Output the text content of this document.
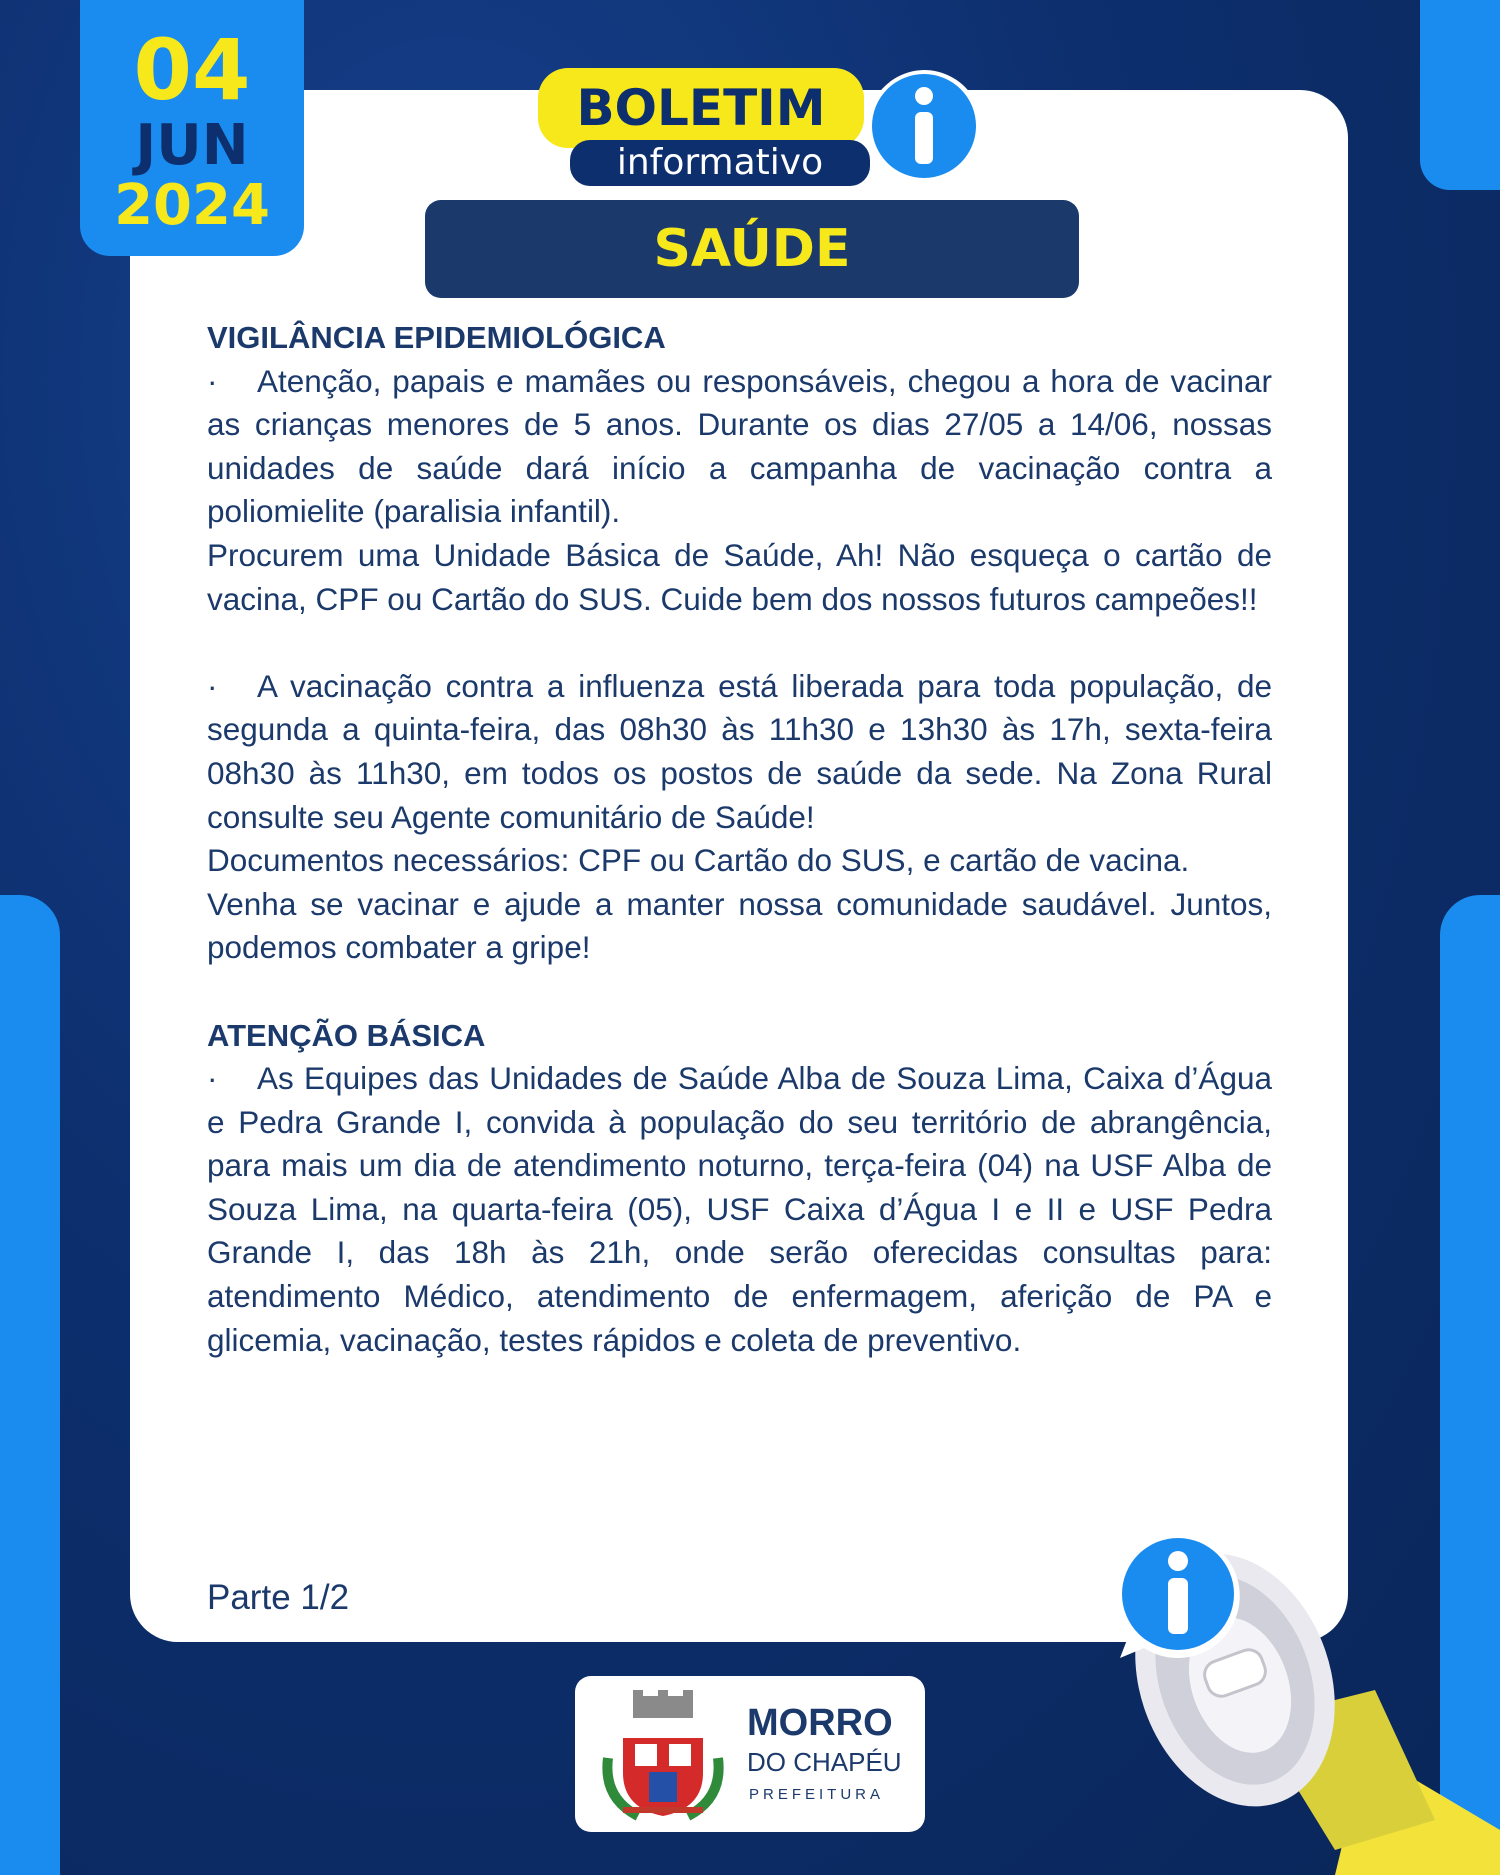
04
JUN
2024
BOLETIM
informativo
SAÚDE

VIGILÂNCIA EPIDEMIOLÓGICA

· Atenção, papais e mamães ou responsáveis, chegou a hora de vacinar as crianças menores de 5 anos. Durante os dias 27/05 a 14/06, nossas unidades de saúde dará início a campanha de vacinação contra a poliomielite (paralisia infantil).

Procurem uma Unidade Básica de Saúde, Ah! Não esqueça o cartão de vacina, CPF ou Cartão do SUS. Cuide bem dos nossos futuros campeões!!

· A vacinação contra a influenza está liberada para toda população, de segunda a quinta-feira, das 08h30 às 11h30 e 13h30 às 17h, sexta-feira 08h30 às 11h30, em todos os postos de saúde da sede. Na Zona Rural consulte seu Agente comunitário de Saúde!

Documentos necessários: CPF ou Cartão do SUS, e cartão de vacina.

Venha se vacinar e ajude a manter nossa comunidade saudável. Juntos, podemos combater a gripe!

ATENÇÃO BÁSICA

· As Equipes das Unidades de Saúde Alba de Souza Lima, Caixa d’Água e Pedra Grande I, convida à população do seu território de abrangência, para mais um dia de atendimento noturno, terça-feira (04) na USF Alba de Souza Lima, na quarta-feira (05), USF Caixa d’Água I e II e USF Pedra Grande I, das 18h às 21h, onde serão oferecidas consultas para: atendimento Médico, atendimento de enfermagem, aferição de PA e glicemia, vacinação, testes rápidos e coleta de preventivo.

Parte 1/2
MORRO
DO CHAPÉU
PREFEITURA
